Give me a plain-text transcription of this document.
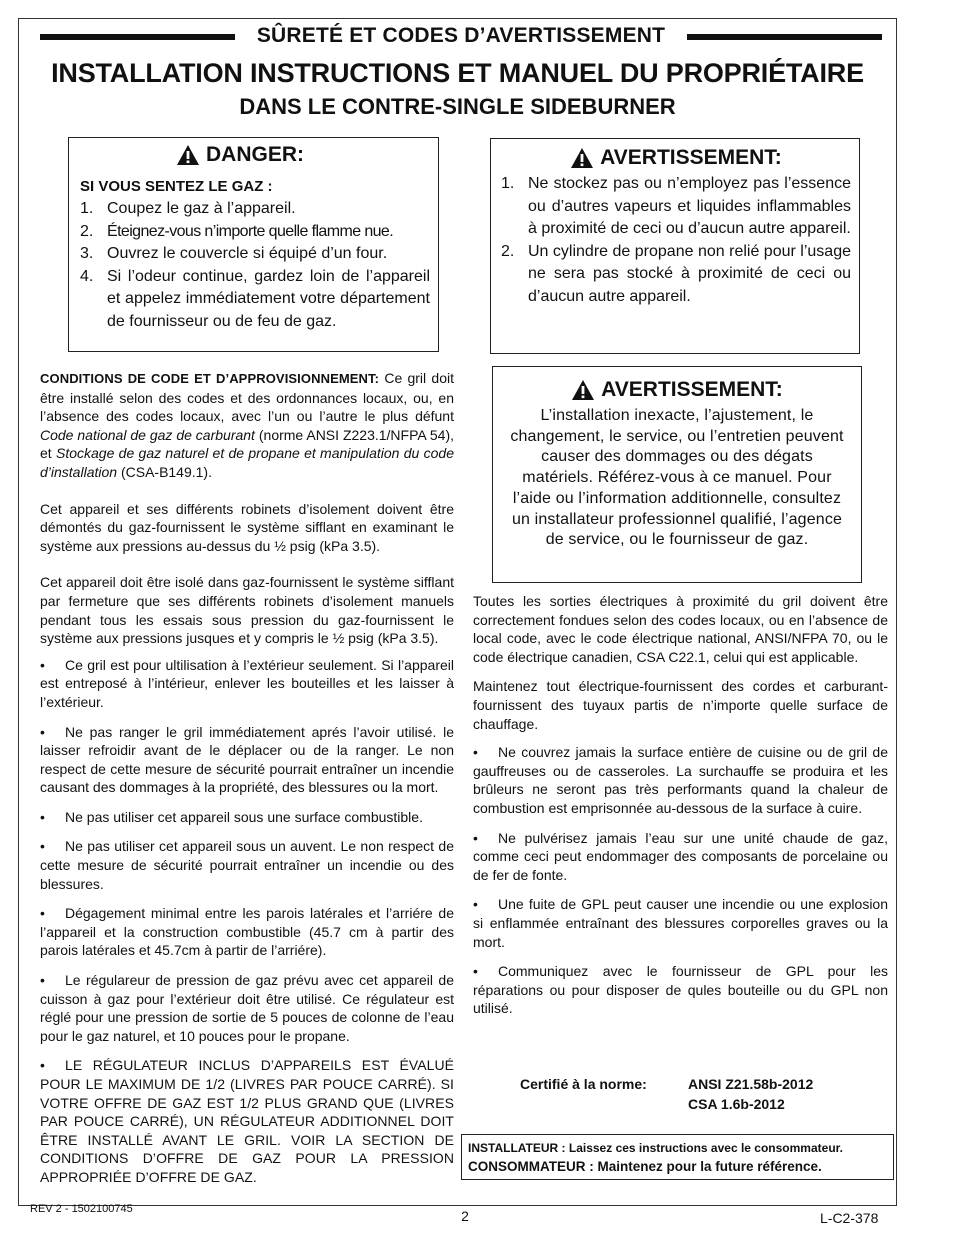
SÛRETÉ ET CODES D’AVERTISSEMENT
INSTALLATION INSTRUCTIONS ET MANUEL DU PROPRIÉTAIRE
DANS LE CONTRE-SINGLE SIDEBURNER
DANGER:
SI VOUS SENTEZ LE GAZ :
1. Coupez le gaz à l’appareil.
2. Éteignez-vous n’importe quelle flamme nue.
3. Ouvrez le couvercle si équipé d’un four.
4. Si l’odeur continue, gardez loin de l’appareil et appelez immédiatement votre département de fournisseur ou de feu de gaz.
AVERTISSEMENT:
1. Ne stockez pas ou n’employez pas l’essence ou d’autres vapeurs et liquides inflammables à proximité de ceci ou d’aucun autre appareil.
2. Un cylindre de propane non relié pour l’usage ne sera pas stocké à proximité de ceci ou d’aucun autre appareil.
AVERTISSEMENT:
L’installation inexacte, l’ajustement, le changement, le service, ou l’entretien peuvent causer des dommages ou des dégats matériels. Référez-vous à ce manuel. Pour l’aide ou l’information additionnelle, consultez un installateur professionnel qualifié, l’agence de service, ou le fournisseur de gaz.

CONDITIONS DE CODE ET D’APPROVISIONNEMENT: Ce gril doit être installé selon des codes et des ordonnances locaux, ou, en l’absence des codes locaux, avec l’un ou l’autre le plus défunt Code national de gaz de carburant (norme ANSI Z223.1/NFPA 54), et Stockage de gaz naturel et de propane et manipulation du code d’installation (CSA-B149.1).

Cet appareil et ses différents robinets d’isolement doivent être démontés du gaz-fournissent le système sifflant en examinant le système aux pressions au-dessus du ½ psig (kPa 3.5).

Cet appareil doit être isolé dans gaz-fournissent le système sifflant par fermeture que ses différents robinets d’isolement manuels pendant tous les essais sous pression du gaz-fournissent le système aux pressions jusques et y compris le ½ psig (kPa 3.5).

• Ce gril est pour ultilisation à l’extérieur seulement. Si l’appareil est entreposé à l’intérieur, enlever les bouteilles et les laisser à l’extérieur.

• Ne pas ranger le gril immédiatement aprés l’avoir utilisé. le laisser refroidir avant de le déplacer ou de la ranger. Le non respect de cette mesure de sécurité pourrait entraîner un incendie causant des dommages à la propriété, des blessures ou la mort.

• Ne pas utiliser cet appareil sous une surface combustible.

• Ne pas utiliser cet appareil sous un auvent. Le non respect de cette mesure de sécurité pourrait entraîner un incendie ou des blessures.

• Dégagement minimal entre les parois latérales et l’arriére de l’appareil et la construction combustible (45.7 cm à partir des parois latérales et 45.7cm à partir de l’arriére).

• Le régulareur de pression de gaz prévu avec cet appareil de cuisson à gaz pour l’extérieur doit être utilisé. Ce régulateur est réglé pour une pression de sortie de 5 pouces de colonne de l’eau pour le gaz naturel, et 10 pouces pour le propane.

• LE RÉGULATEUR INCLUS D’APPAREILS EST ÉVALUÉ POUR LE MAXIMUM DE 1/2 (LIVRES PAR POUCE CARRÉ). SI VOTRE OFFRE DE GAZ EST 1/2 PLUS GRAND QUE (LIVRES PAR POUCE CARRÉ), UN RÉGULATEUR ADDITIONNEL DOIT ÊTRE INSTALLÉ AVANT LE GRIL. VOIR LA SECTION DE CONDITIONS D’OFFRE DE GAZ POUR LA PRESSION APPROPRIÉE D’OFFRE DE GAZ.

Toutes les sorties électriques à proximité du gril doivent être correctement fondues selon des codes locaux, ou en l’absence de local code, avec le code électrique national, ANSI/NFPA 70, ou le code électrique canadien, CSA C22.1, celui qui est applicable.

Maintenez tout électrique-fournissent des cordes et carburant-fournissent des tuyaux partis de n’importe quelle surface de chauffage.

• Ne couvrez jamais la surface entière de cuisine ou de gril de gauffreuses ou de casseroles. La surchauffe se produira et les brûleurs ne seront pas très performants quand la chaleur de combustion est emprisonnée au-dessous de la surface à cuire.

• Ne pulvérisez jamais l’eau sur une unité chaude de gaz, comme ceci peut endommager des composants de porcelaine ou de fer de fonte.

• Une fuite de GPL peut causer une incendie ou une explosion si enflammée entraînant des blessures corporelles graves ou la mort.

• Communiquez avec le fournisseur de GPL pour les réparations ou pour disposer de qules bouteille ou du GPL non utilisé.

Certifié à la norme:	ANSI Z21.58b-2012
CSA 1.6b-2012
INSTALLATEUR : Laissez ces instructions avec le consommateur.
CONSOMMATEUR : Maintenez pour la future référence.
REV 2 - 1502100745	2	L-C2-378
